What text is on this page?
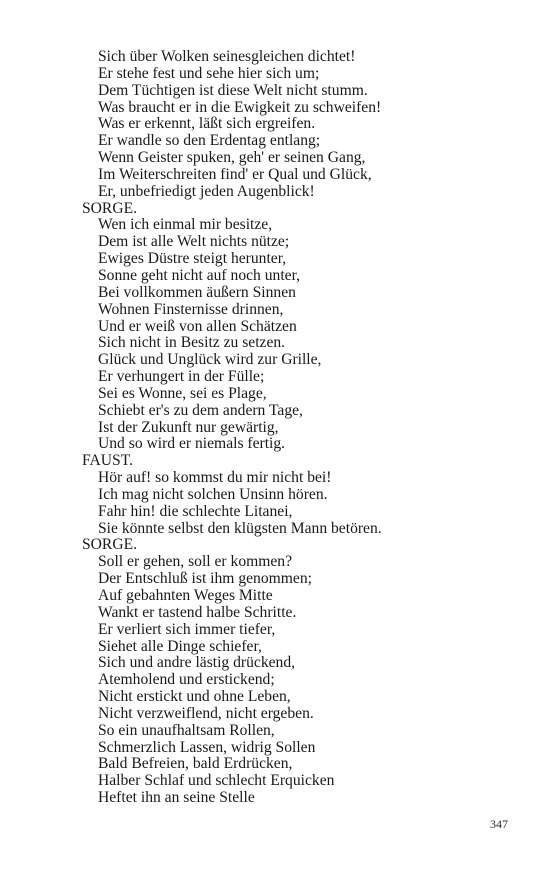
Sich über Wolken seinesgleichen dichtet!
Er stehe fest und sehe hier sich um;
Dem Tüchtigen ist diese Welt nicht stumm.
Was braucht er in die Ewigkeit zu schweifen!
Was er erkennt, läßt sich ergreifen.
Er wandle so den Erdentag entlang;
Wenn Geister spuken, geh' er seinen Gang,
Im Weiterschreiten find' er Qual und Glück,
Er, unbefriedigt jeden Augenblick!
SORGE.
Wen ich einmal mir besitze,
Dem ist alle Welt nichts nütze;
Ewiges Düstre steigt herunter,
Sonne geht nicht auf noch unter,
Bei vollkommen äußern Sinnen
Wohnen Finsternisse drinnen,
Und er weiß von allen Schätzen
Sich nicht in Besitz zu setzen.
Glück und Unglück wird zur Grille,
Er verhungert in der Fülle;
Sei es Wonne, sei es Plage,
Schiebt er's zu dem andern Tage,
Ist der Zukunft nur gewärtig,
Und so wird er niemals fertig.
FAUST.
Hör auf! so kommst du mir nicht bei!
Ich mag nicht solchen Unsinn hören.
Fahr hin! die schlechte Litanei,
Sie könnte selbst den klügsten Mann betören.
SORGE.
Soll er gehen, soll er kommen?
Der Entschluß ist ihm genommen;
Auf gebahnten Weges Mitte
Wankt er tastend halbe Schritte.
Er verliert sich immer tiefer,
Siehet alle Dinge schiefer,
Sich und andre lästig drückend,
Atemholend und erstickend;
Nicht erstickt und ohne Leben,
Nicht verzweiflend, nicht ergeben.
So ein unaufhaltsam Rollen,
Schmerzlich Lassen, widrig Sollen
Bald Befreien, bald Erdrücken,
Halber Schlaf und schlecht Erquicken
Heftet ihn an seine Stelle
347
